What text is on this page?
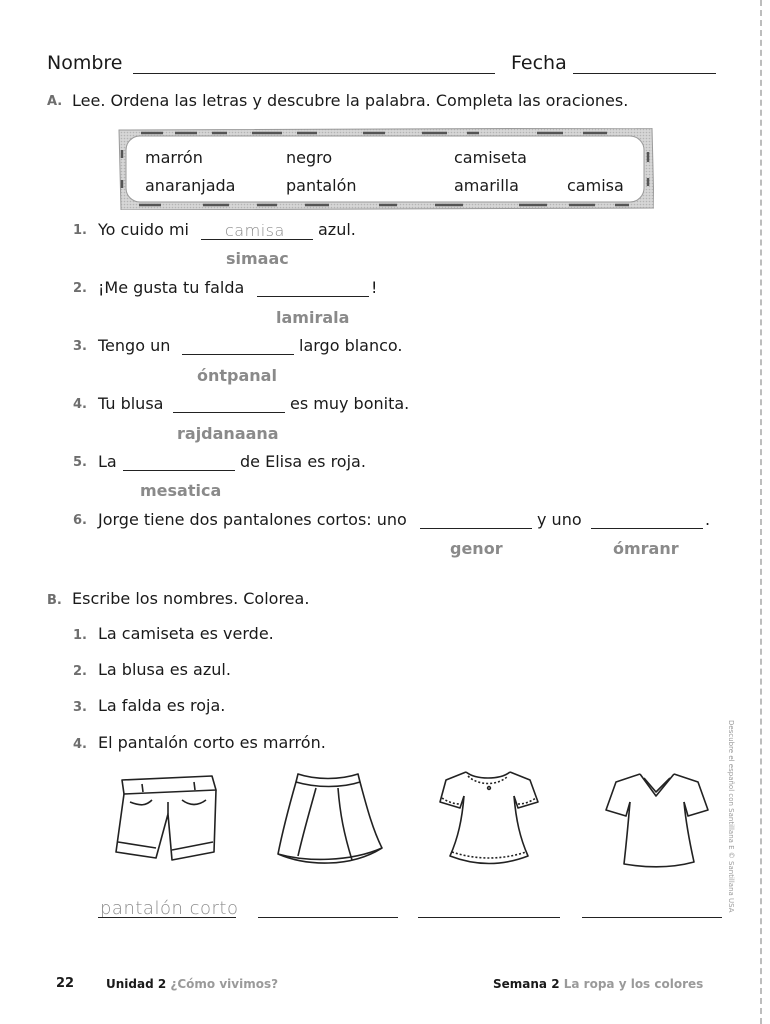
Nombre	Fecha
A. Lee. Ordena las letras y descubre la palabra. Completa las oraciones.
marrón	negro	camiseta
anaranjada	pantalón	amarilla	camisa
1. Yo cuido mi camisa azul.
simaac
2. ¡Me gusta tu falda	!
lamirala
3. Tengo un	largo blanco.
óntpanal
4. Tu blusa	es muy bonita.
rajdanaana
5. La	de Elisa es roja.
mesatica
6. Jorge tiene dos pantalones cortos: uno	y uno	.
genor	ómranr
B. Escribe los nombres. Colorea.
1. La camiseta es verde.
2. La blusa es azul.
3. La falda es roja.
4. El pantalón corto es marrón.
pantalón corto	Descubre el español con Santillana E © Santillana USA
22	Unidad 2 ¿Cómo vivimos?	Semana 2 La ropa y los colores
